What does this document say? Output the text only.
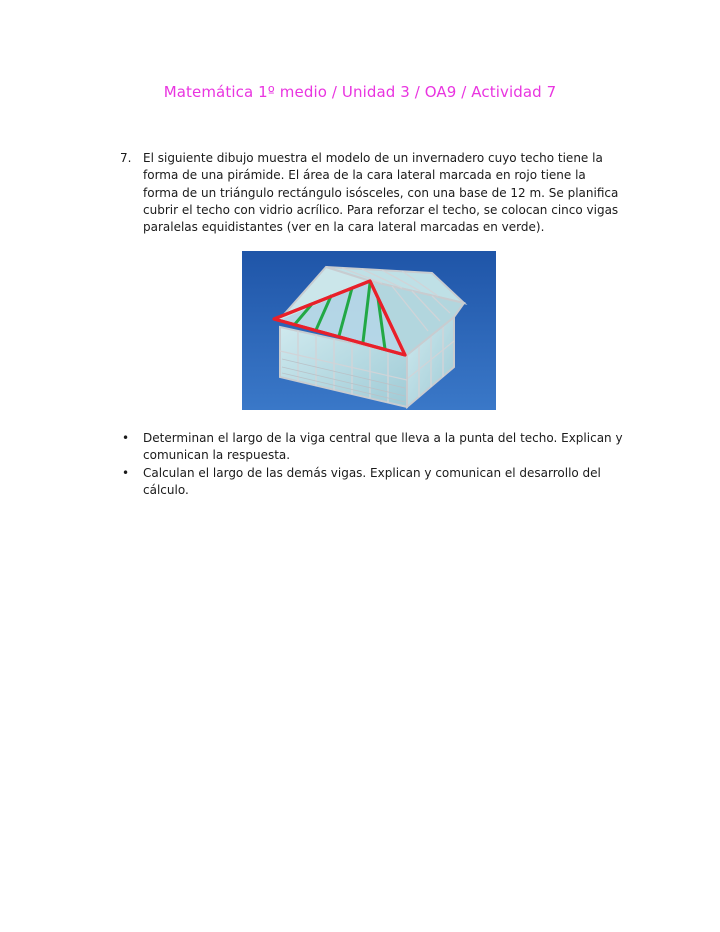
Matemática 1º medio / Unidad 3 / OA9 / Actividad 7
7. El siguiente dibujo muestra el modelo de un invernadero cuyo techo tiene la forma de una pirámide. El área de la cara lateral marcada en rojo tiene la forma de un triángulo rectángulo isósceles, con una base de 12 m. Se planifica cubrir el techo con vidrio acrílico. Para reforzar el techo, se colocan cinco vigas paralelas equidistantes (ver en la cara lateral marcadas en verde).
• Determinan el largo de la viga central que lleva a la punta del techo. Explican y comunican la respuesta.
• Calculan el largo de las demás vigas. Explican y comunican el desarrollo del cálculo.
